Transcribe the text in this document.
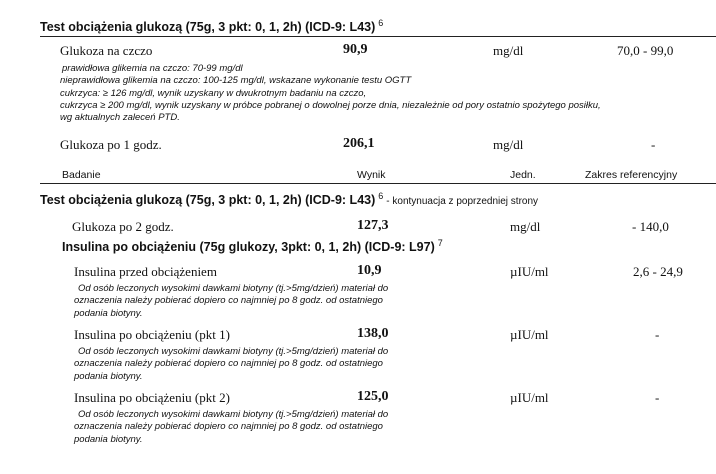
Test obciążenia glukozą (75g, 3 pkt: 0, 1, 2h) (ICD-9: L43) $^6$
Glukoza na czczo	90,9	mg/dl	70,0 - 99,0
prawidłowa glikemia na czczo: 70-99 mg/dl
nieprawidłowa glikemia na czczo: 100-125 mg/dl, wskazane wykonanie testu OGTT
cukrzyca: ≥ 126 mg/dl, wynik uzyskany w dwukrotnym badaniu na czczo,
cukrzyca ≥ 200 mg/dl, wynik uzyskany w próbce pobranej o dowolnej porze dnia, niezależnie od pory ostatnio spożytego posiłku,
wg aktualnych zaleceń PTD.
Glukoza po 1 godz.	206,1	mg/dl	-
Badanie	Wynik	Jedn.	Zakres referencyjny
Test obciążenia glukozą (75g, 3 pkt: 0, 1, 2h) (ICD-9: L43) $^6$- kontynuacja z poprzedniej strony
Glukoza po 2 godz.	127,3	mg/dl	- 140,0
Insulina po obciążeniu (75g glukozy, 3pkt: 0, 1, 2h) (ICD-9: L97) $^7$
Insulina przed obciążeniem	10,9	µIU/ml	2,6 - 24,9
Od osób leczonych wysokimi dawkami biotyny (tj.>5mg/dzień) materiał do
oznaczenia należy pobierać dopiero co najmniej po 8 godz. od ostatniego
podania biotyny.
Insulina po obciążeniu (pkt 1)	138,0	µIU/ml	-
Od osób leczonych wysokimi dawkami biotyny (tj.>5mg/dzień) materiał do
oznaczenia należy pobierać dopiero co najmniej po 8 godz. od ostatniego
podania biotyny.
Insulina po obciążeniu (pkt 2)	125,0	µIU/ml	-
Od osób leczonych wysokimi dawkami biotyny (tj.>5mg/dzień) materiał do
oznaczenia należy pobierać dopiero co najmniej po 8 godz. od ostatniego
podania biotyny.
